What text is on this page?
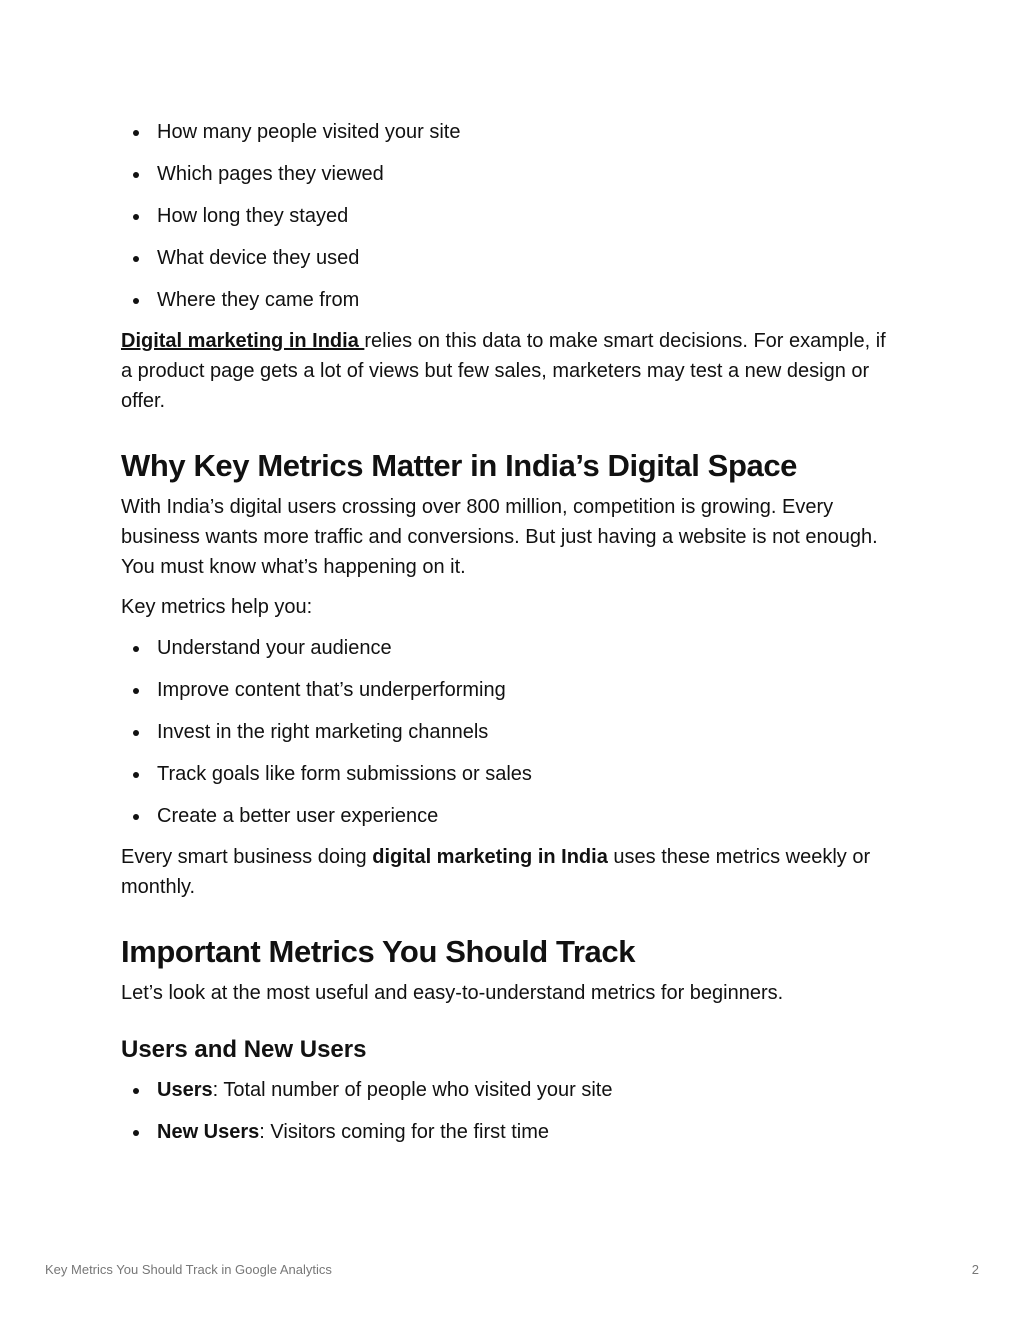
How many people visited your site
Which pages they viewed
How long they stayed
What device they used
Where they came from

Digital marketing in India relies on this data to make smart decisions. For example, if a product page gets a lot of views but few sales, marketers may test a new design or offer.

Why Key Metrics Matter in India’s Digital Space

With India’s digital users crossing over 800 million, competition is growing. Every business wants more traffic and conversions. But just having a website is not enough. You must know what’s happening on it.

Key metrics help you:

Understand your audience
Improve content that’s underperforming
Invest in the right marketing channels
Track goals like form submissions or sales
Create a better user experience

Every smart business doing digital marketing in India uses these metrics weekly or monthly.

Important Metrics You Should Track

Let’s look at the most useful and easy-to-understand metrics for beginners.

Users and New Users
Users: Total number of people who visited your site
New Users: Visitors coming for the first time
Key Metrics You Should Track in Google Analytics	2
